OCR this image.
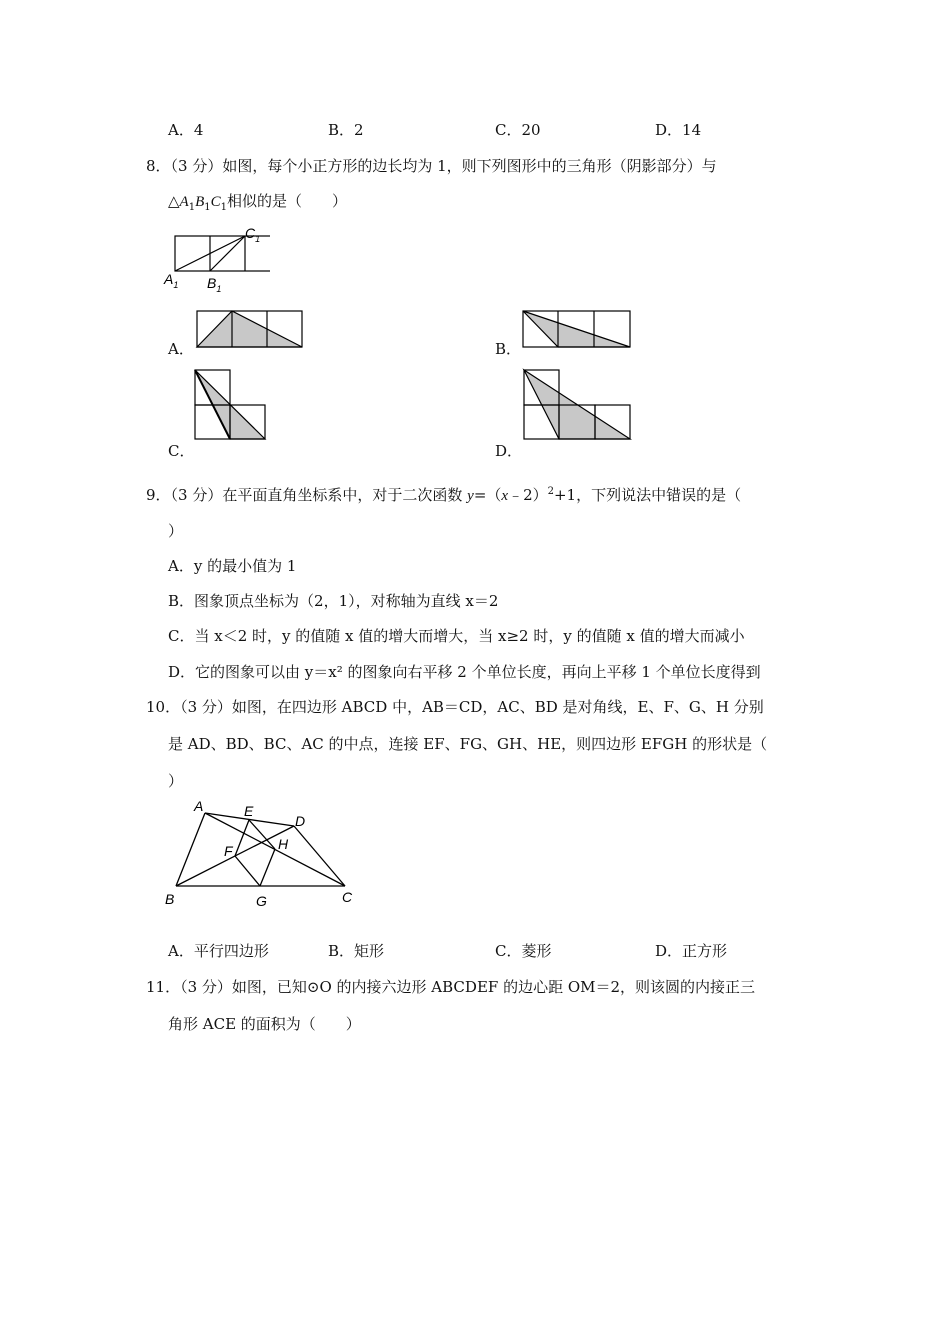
A．4	B．2	C．20	D．14
8．（3 分）如图，每个小正方形的边长均为 1，则下列图形中的三角形（阴影部分）与
$\triangle A_1B_1C_1$相似的是（　　）
$C_1$
$A_1$ $B_1$
A．	B．
C．	D．
9．（3 分）在平面直角坐标系中，对于二次函数 y=（x﹣2）$^2$+1，下列说法中错误的是（
）
A．y 的最小值为 1
B．图象顶点坐标为（2，1），对称轴为直线 x＝2
C．当 x＜2 时，y 的值随 x 值的增大而增大，当 x≥2 时，y 的值随 x 值的增大而减小
D．它的图象可以由 y＝x² 的图象向右平移 2 个单位长度，再向上平移 1 个单位长度得到
10．（3 分）如图，在四边形 ABCD 中，AB＝CD，AC、BD 是对角线，E、F、G、H 分别
是 AD、BD、BC、AC 的中点，连接 EF、FG、GH、HE，则四边形 EFGH 的形状是（
）
A	E
D
F	H
B	G	C
A．平行四边形	B．矩形	C．菱形	D．正方形
11．（3 分）如图，已知⊙O 的内接六边形 ABCDEF 的边心距 OM＝2，则该圆的内接正三
角形 ACE 的面积为（　　）
